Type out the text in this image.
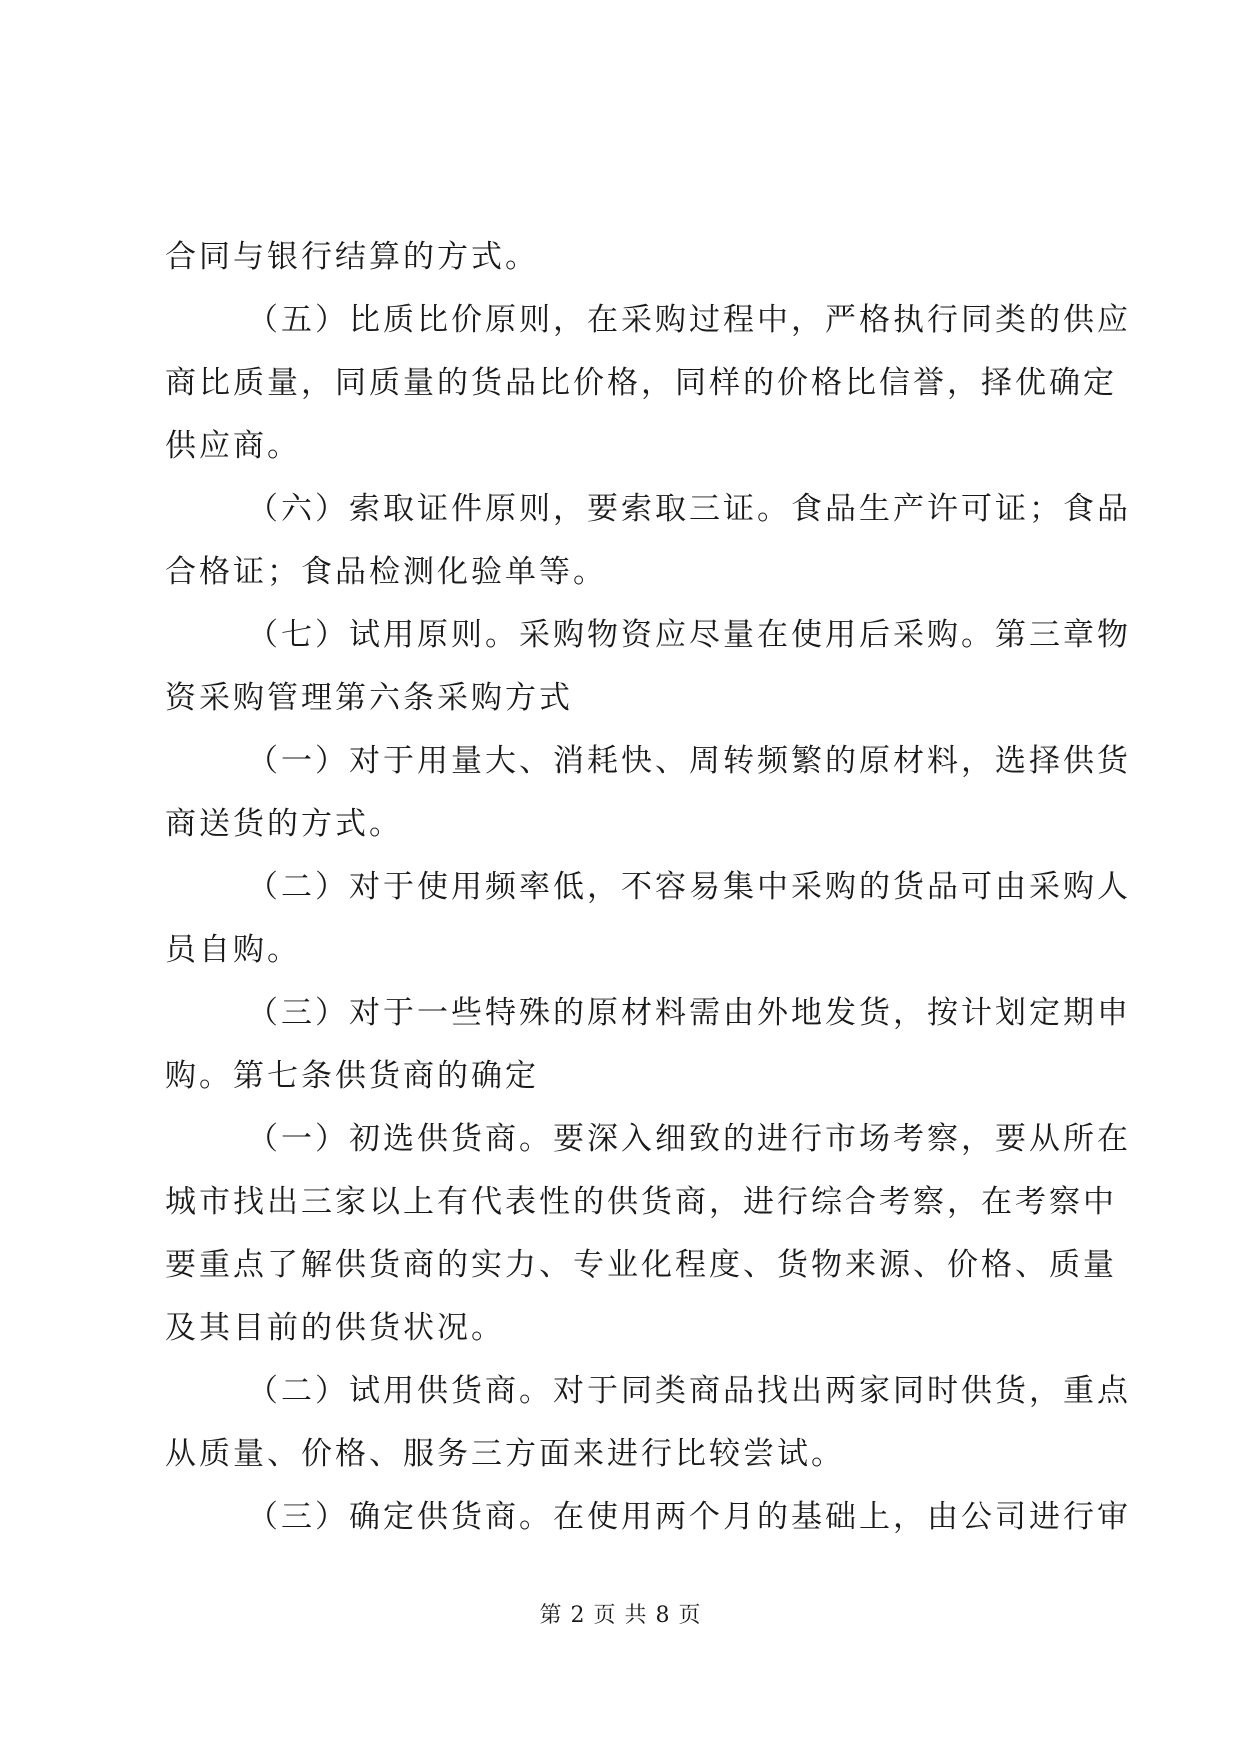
合同与银行结算的方式。

（五）比质比价原则，在采购过程中，严格执行同类的供应
商比质量，同质量的货品比价格，同样的价格比信誉，择优确定
供应商。

（六）索取证件原则，要索取三证。食品生产许可证；食品
合格证；食品检测化验单等。

（七）试用原则。采购物资应尽量在使用后采购。第三章物
资采购管理第六条采购方式

（一）对于用量大、消耗快、周转频繁的原材料，选择供货
商送货的方式。

（二）对于使用频率低，不容易集中采购的货品可由采购人
员自购。

（三）对于一些特殊的原材料需由外地发货，按计划定期申
购。第七条供货商的确定

（一）初选供货商。要深入细致的进行市场考察，要从所在
城市找出三家以上有代表性的供货商，进行综合考察，在考察中
要重点了解供货商的实力、专业化程度、货物来源、价格、质量
及其目前的供货状况。

（二）试用供货商。对于同类商品找出两家同时供货，重点
从质量、价格、服务三方面来进行比较尝试。

（三）确定供货商。在使用两个月的基础上，由公司进行审

第 2 页 共 8 页
